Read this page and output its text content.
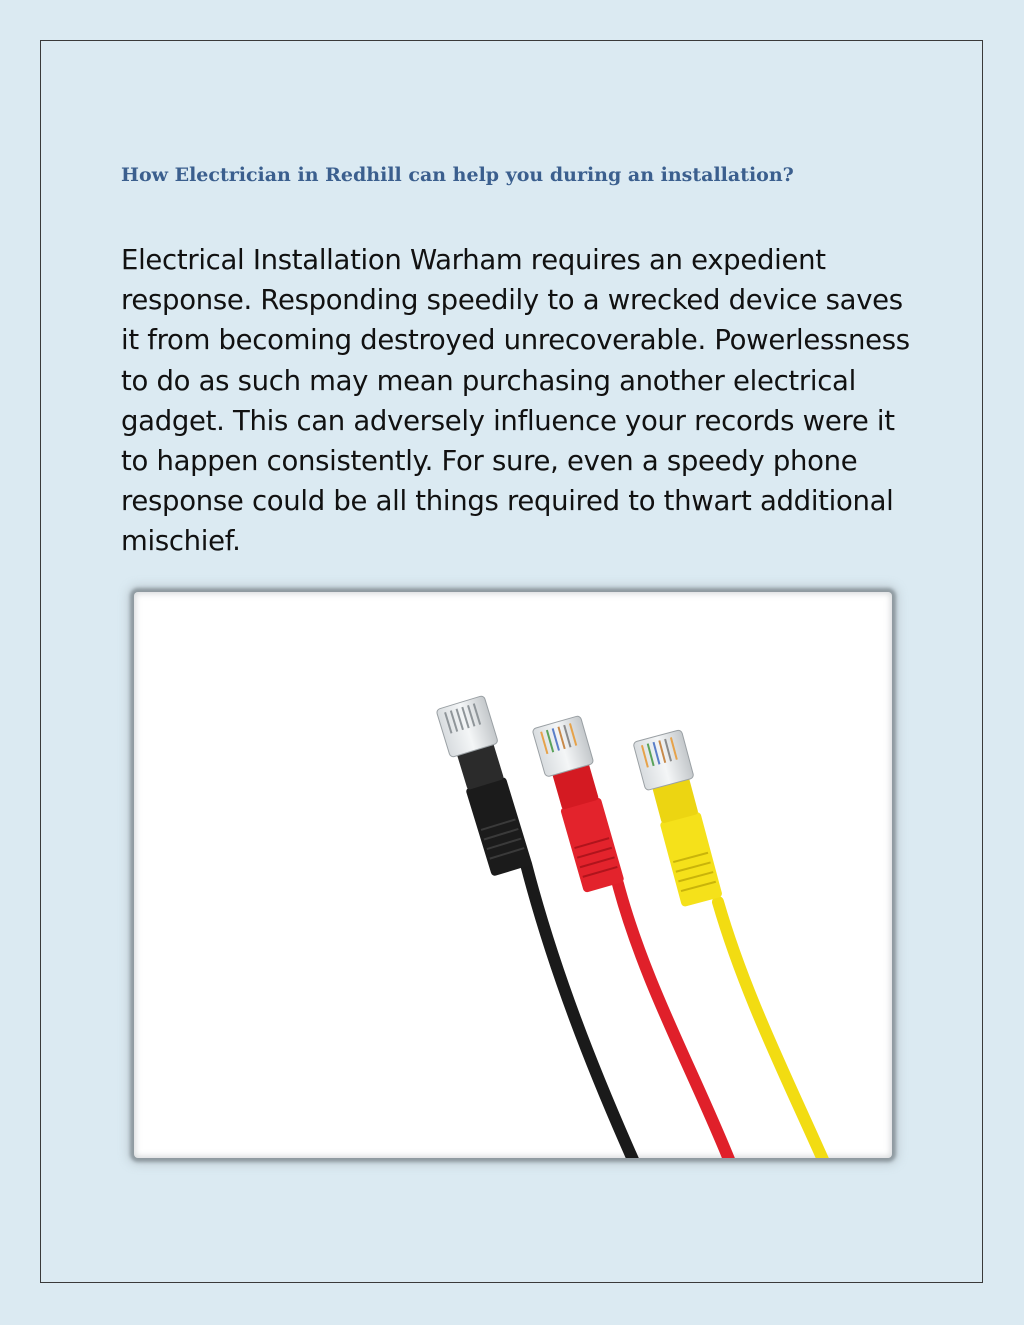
How Electrician in Redhill can help you during an installation?

Electrical Installation Warham requires an expedient response. Responding speedily to a wrecked device saves it from becoming destroyed unrecoverable. Powerlessness to do as such may mean purchasing another electrical gadget. This can adversely influence your records were it to happen consistently. For sure, even a speedy phone response could be all things required to thwart additional mischief.
